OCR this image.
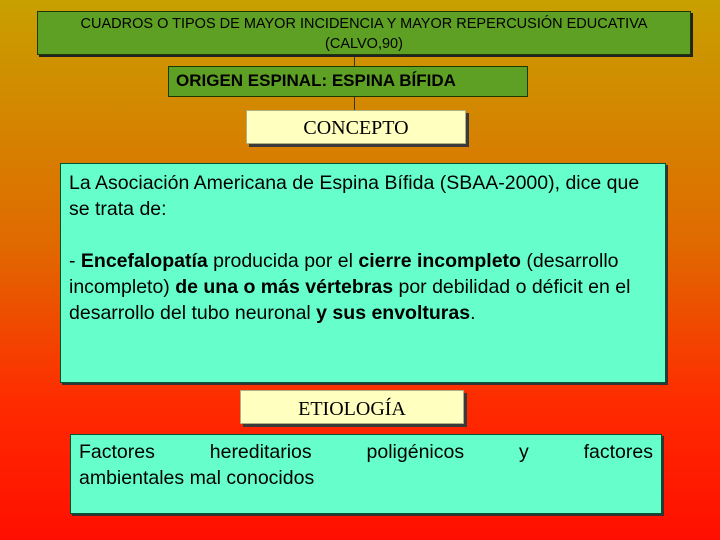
CUADROS O TIPOS DE MAYOR INCIDENCIA Y MAYOR REPERCUSIÓN EDUCATIVA
(CALVO,90)
ORIGEN ESPINAL: ESPINA BÍFIDA
CONCEPTO

La Asociación Americana de Espina Bífida (SBAA-2000), dice que se trata de:

- Encefalopatía producida por el cierre incompleto (desarrollo incompleto) de una o más vértebras por debilidad o déficit en el desarrollo del tubo neuronal y sus envolturas.

ETIOLOGÍA
Factores hereditarios poligénicos y factores
ambientales mal conocidos
